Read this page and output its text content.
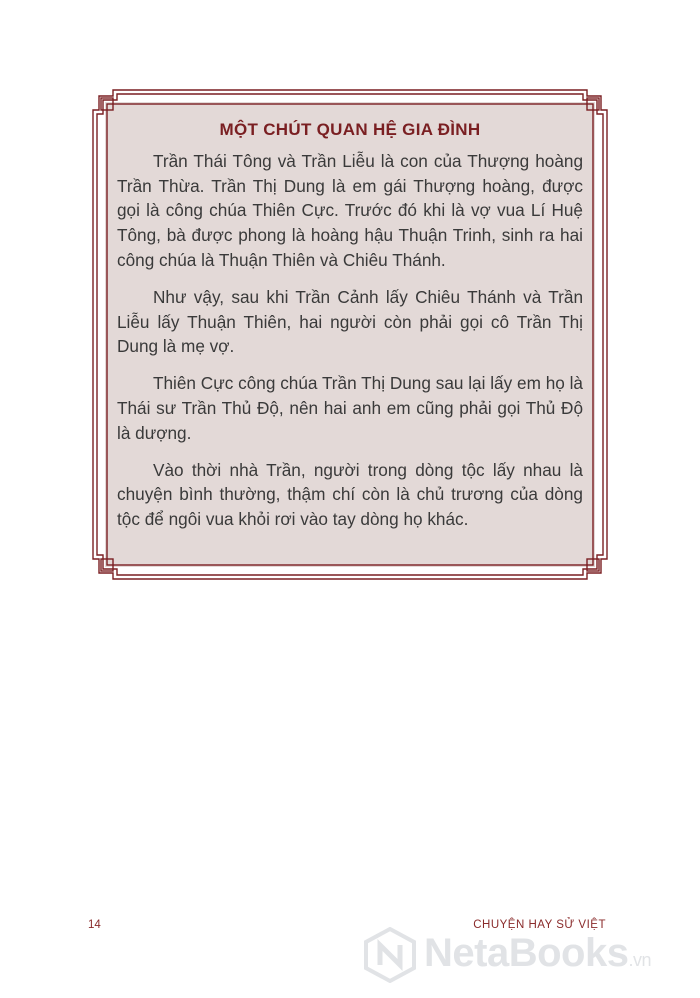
MỘT CHÚT QUAN HỆ GIA ĐÌNH

Trần Thái Tông và Trần Liễu là con của Thượng hoàng Trần Thừa. Trần Thị Dung là em gái Thượng hoàng, được gọi là công chúa Thiên Cực. Trước đó khi là vợ vua Lí Huệ Tông, bà được phong là hoàng hậu Thuận Trinh, sinh ra hai công chúa là Thuận Thiên và Chiêu Thánh.

Như vậy, sau khi Trần Cảnh lấy Chiêu Thánh và Trần Liễu lấy Thuận Thiên, hai người còn phải gọi cô Trần Thị Dung là mẹ vợ.

Thiên Cực công chúa Trần Thị Dung sau lại lấy em họ là Thái sư Trần Thủ Độ, nên hai anh em cũng phải gọi Thủ Độ là dượng.

Vào thời nhà Trần, người trong dòng tộc lấy nhau là chuyện bình thường, thậm chí còn là chủ trương của dòng tộc để ngôi vua khỏi rơi vào tay dòng họ khác.

14	CHUYỆN HAY SỬ VIỆT
NetaBooks.vn
